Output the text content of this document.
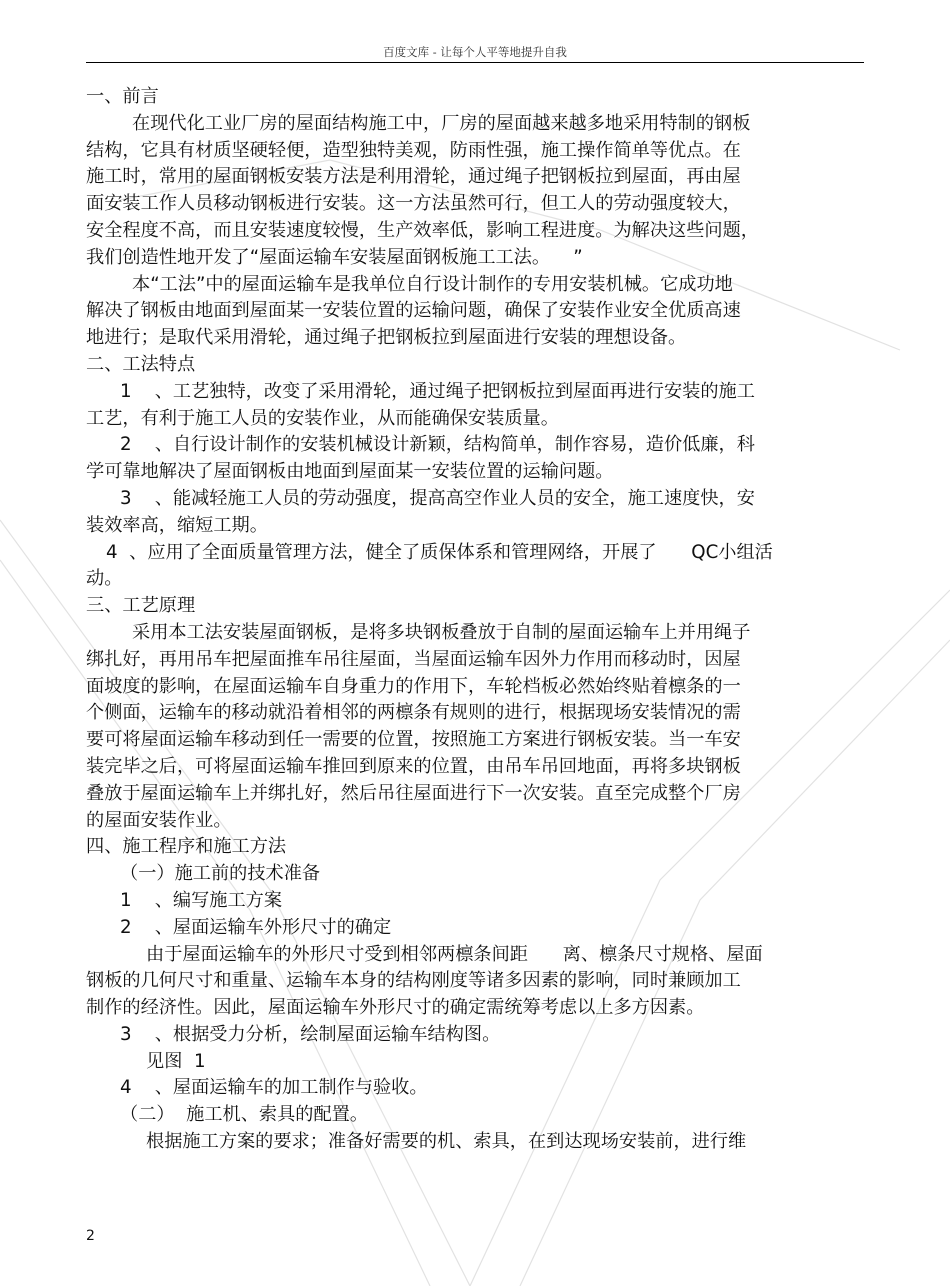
百度文库 - 让每个人平等地提升自我
一、前言
在现代化工业厂房的屋面结构施工中，厂房的屋面越来越多地采用特制的钢板
结构，它具有材质坚硬轻便，造型独特美观，防雨性强，施工操作简单等优点。在
施工时，常用的屋面钢板安装方法是利用滑轮，通过绳子把钢板拉到屋面，再由屋
面安装工作人员移动钢板进行安装。这一方法虽然可行，但工人的劳动强度较大，
安全程度不高，而且安装速度较慢，生产效率低，影响工程进度。为解决这些问题，
我们创造性地开发了“屋面运输车安装屋面钢板施工工法。    ”
本“工法”中的屋面运输车是我单位自行设计制作的专用安装机械。它成功地
解决了钢板由地面到屋面某一安装位置的运输问题，确保了安装作业安全优质高速
地进行；是取代采用滑轮，通过绳子把钢板拉到屋面进行安装的理想设备。
二、工法特点
1    、工艺独特，改变了采用滑轮，通过绳子把钢板拉到屋面再进行安装的施工
工艺，有利于施工人员的安装作业，从而能确保安装质量。
2    、自行设计制作的安装机械设计新颖，结构简单，制作容易，造价低廉，科
学可靠地解决了屋面钢板由地面到屋面某一安装位置的运输问题。
3    、能减轻施工人员的劳动强度，提高高空作业人员的安全，施工速度快，安
装效率高，缩短工期。
4  、应用了全面质量管理方法，健全了质保体系和管理网络，开展了      QC小组活
动。
三、工艺原理
采用本工法安装屋面钢板，是将多块钢板叠放于自制的屋面运输车上并用绳子
绑扎好，再用吊车把屋面推车吊往屋面，当屋面运输车因外力作用而移动时，因屋
面坡度的影响，在屋面运输车自身重力的作用下，车轮档板必然始终贴着檩条的一
个侧面，运输车的移动就沿着相邻的两檩条有规则的进行，根据现场安装情况的需
要可将屋面运输车移动到任一需要的位置，按照施工方案进行钢板安装。当一车安
装完毕之后，可将屋面运输车推回到原来的位置，由吊车吊回地面，再将多块钢板
叠放于屋面运输车上并绑扎好，然后吊往屋面进行下一次安装。直至完成整个厂房
的屋面安装作业。
四、施工程序和施工方法
（一）施工前的技术准备
1    、编写施工方案
2    、屋面运输车外形尺寸的确定
由于屋面运输车的外形尺寸受到相邻两檩条间距      离、檩条尺寸规格、屋面
钢板的几何尺寸和重量、运输车本身的结构刚度等诸多因素的影响，同时兼顾加工
制作的经济性。因此，屋面运输车外形尺寸的确定需统筹考虑以上多方因素。
3    、根据受力分析，绘制屋面运输车结构图。
见图  1
4    、屋面运输车的加工制作与验收。
（二）  施工机、索具的配置。
根据施工方案的要求；准备好需要的机、索具，在到达现场安装前，进行维
2
